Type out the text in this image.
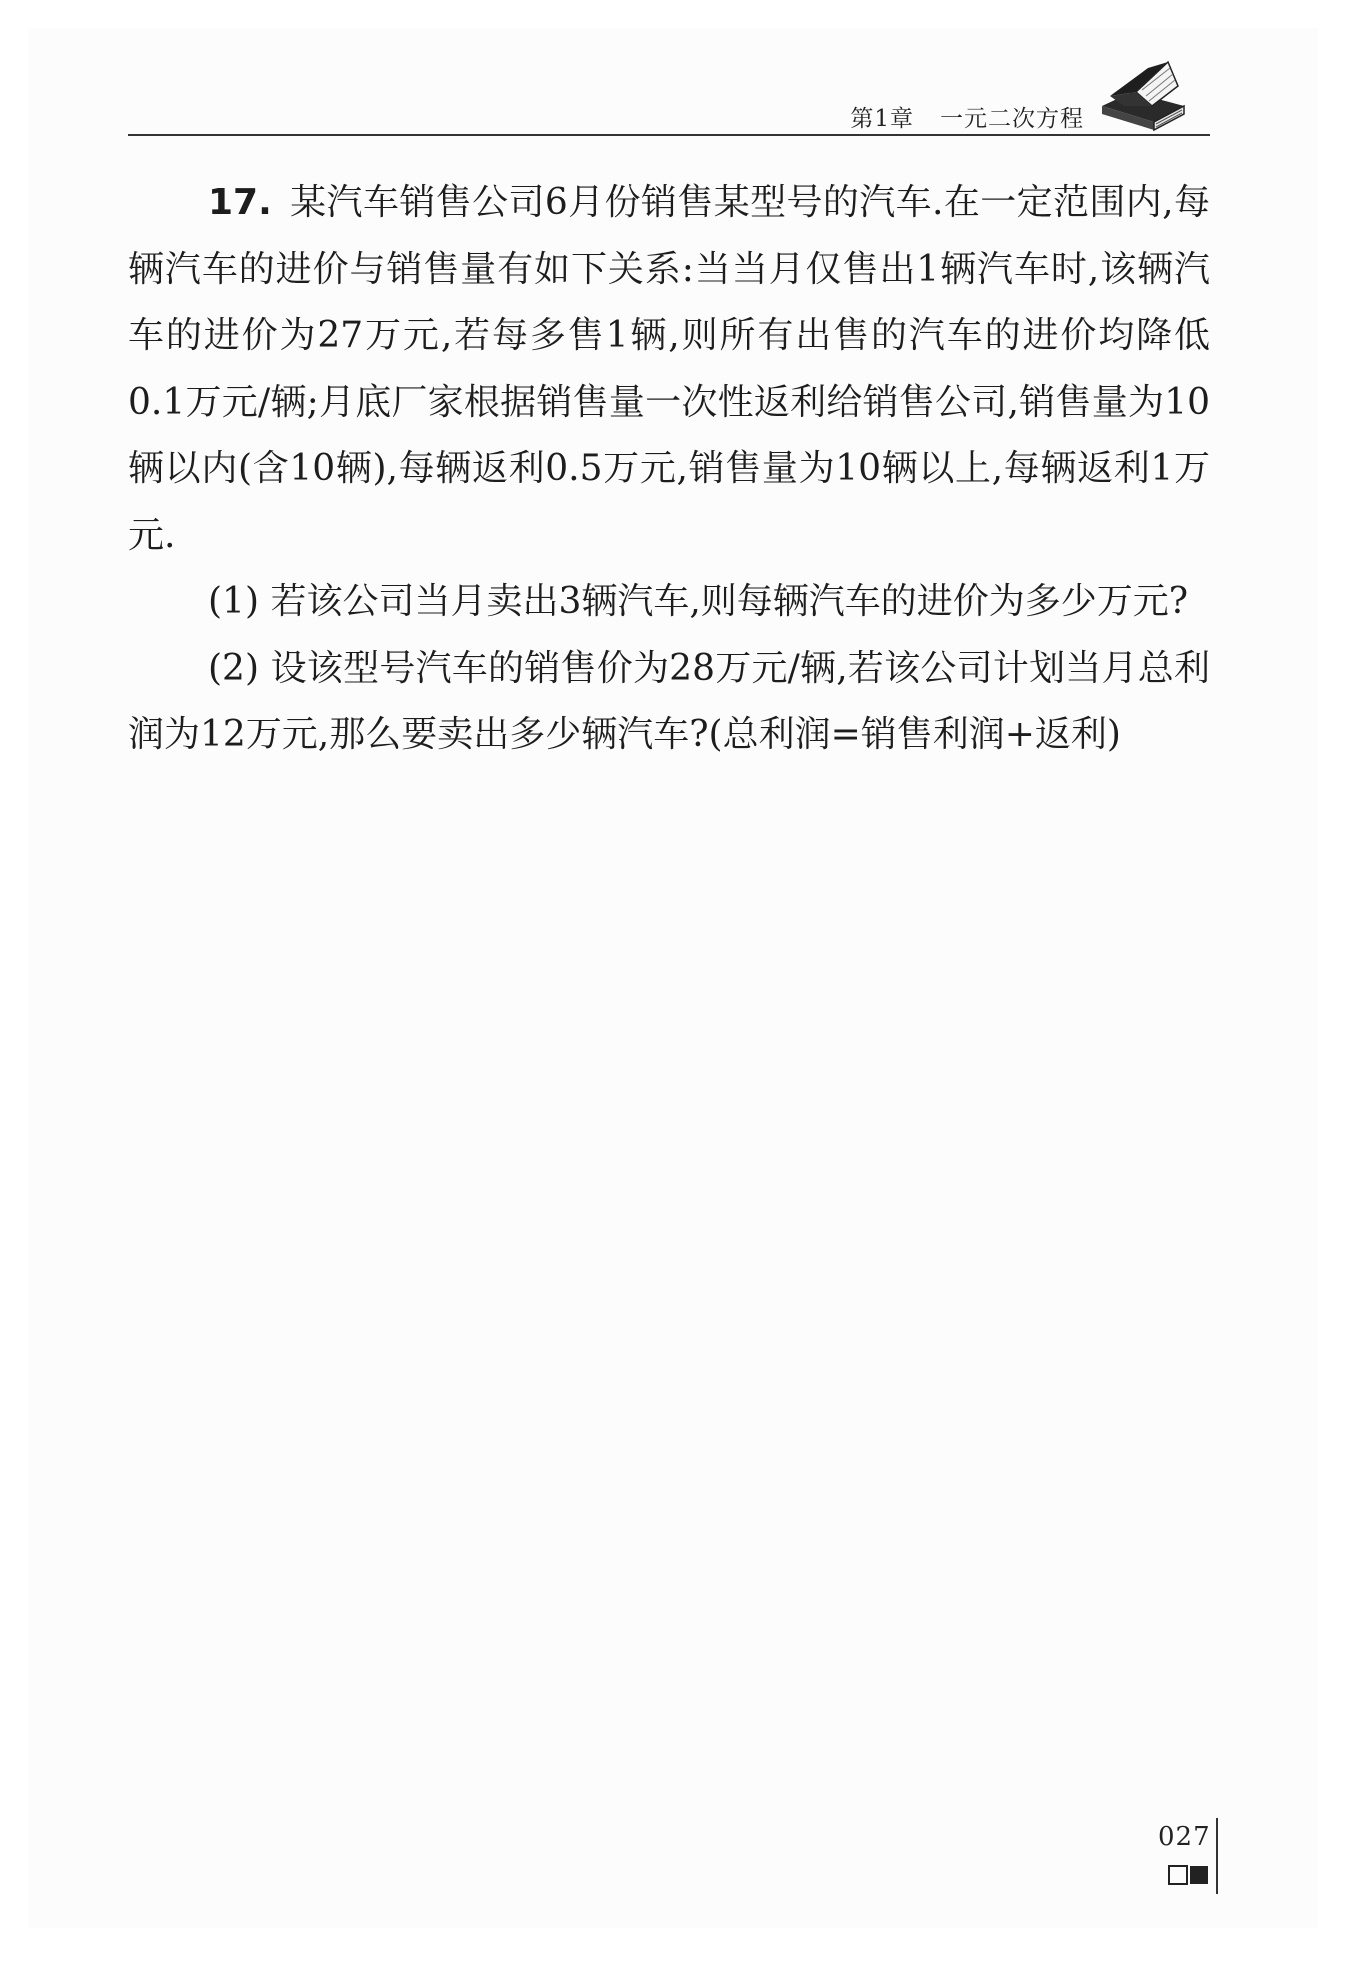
第1章 一元二次方程

17. 某汽车销售公司6月份销售某型号的汽车.在一定范围内,每辆汽车的进价与销售量有如下关系:当当月仅售出1辆汽车时,该辆汽车的进价为27万元,若每多售1辆,则所有出售的汽车的进价均降低0.1万元/辆;月底厂家根据销售量一次性返利给销售公司,销售量为10辆以内(含10辆),每辆返利0.5万元,销售量为10辆以上,每辆返利1万元.

(1) 若该公司当月卖出3辆汽车,则每辆汽车的进价为多少万元?

(2) 设该型号汽车的销售价为28万元/辆,若该公司计划当月总利润为12万元,那么要卖出多少辆汽车?(总利润=销售利润+返利)

027
